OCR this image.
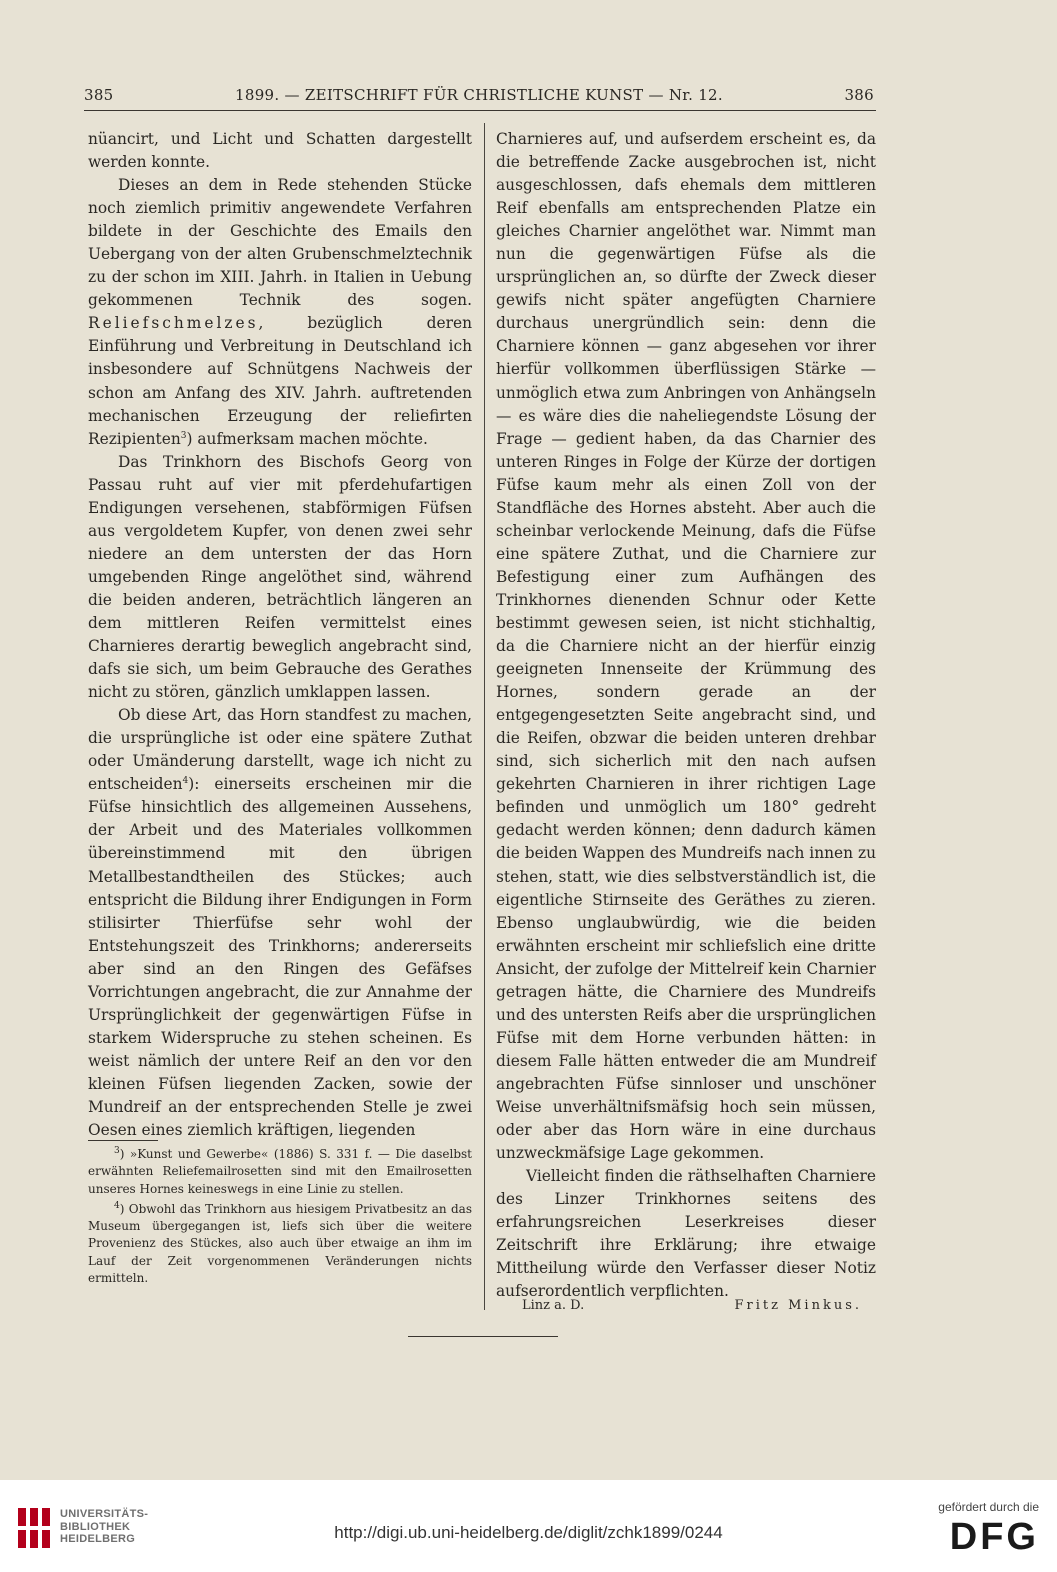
385	1899. — ZEITSCHRIFT FÜR CHRISTLICHE KUNST — Nr. 12.	386

nüancirt, und Licht und Schatten dargestellt werden konnte.

Dieses an dem in Rede stehenden Stücke noch ziemlich primitiv angewendete Verfahren bildete in der Geschichte des Emails den Uebergang von der alten Grubenschmelztechnik zu der schon im XIII. Jahrh. in Italien in Uebung gekommenen Technik des sogen. Reliefschmelzes, bezüglich deren Einführung und Verbreitung in Deutschland ich insbesondere auf Schnütgens Nachweis der schon am Anfang des XIV. Jahrh. auftretenden mechanischen Erzeugung der reliefirten Rezipienten$^3$) aufmerksam machen möchte.

Das Trinkhorn des Bischofs Georg von Passau ruht auf vier mit pferdehufartigen Endigungen versehenen, stabförmigen Füfsen aus vergoldetem Kupfer, von denen zwei sehr niedere an dem untersten der das Horn umgebenden Ringe angelöthet sind, während die beiden anderen, beträchtlich längeren an dem mittleren Reifen vermittelst eines Charnieres derartig beweglich angebracht sind, dafs sie sich, um beim Gebrauche des Gerathes nicht zu stören, gänzlich umklappen lassen.

Ob diese Art, das Horn standfest zu machen, die ursprüngliche ist oder eine spätere Zuthat oder Umänderung darstellt, wage ich nicht zu entscheiden$^4$): einerseits erscheinen mir die Füfse hinsichtlich des allgemeinen Aussehens, der Arbeit und des Materiales vollkommen übereinstimmend mit den übrigen Metallbestandtheilen des Stückes; auch entspricht die Bildung ihrer Endigungen in Form stilisirter Thierfüfse sehr wohl der Entstehungszeit des Trinkhorns; andererseits aber sind an den Ringen des Gefäfses Vorrichtungen angebracht, die zur Annahme der Ursprünglichkeit der gegenwärtigen Füfse in starkem Widerspruche zu stehen scheinen. Es weist nämlich der untere Reif an den vor den kleinen Füfsen liegenden Zacken, sowie der Mundreif an der entsprechenden Stelle je zwei Oesen eines ziemlich kräftigen, liegenden

$^3$) »Kunst und Gewerbe« (1886) S. 331 f. — Die daselbst erwähnten Reliefemailrosetten sind mit den Emailrosetten unseres Hornes keineswegs in eine Linie zu stellen.

$^4$) Obwohl das Trinkhorn aus hiesigem Privatbesitz an das Museum übergegangen ist, liefs sich über die weitere Provenienz des Stückes, also auch über etwaige an ihm im Lauf der Zeit vorgenommenen Veränderungen nichts ermitteln.

Charnieres auf, und aufserdem erscheint es, da die betreffende Zacke ausgebrochen ist, nicht ausgeschlossen, dafs ehemals dem mittleren Reif ebenfalls am entsprechenden Platze ein gleiches Charnier angelöthet war. Nimmt man nun die gegenwärtigen Füfse als die ursprünglichen an, so dürfte der Zweck dieser gewifs nicht später angefügten Charniere durchaus unergründlich sein: denn die Charniere können — ganz abgesehen vor ihrer hierfür vollkommen überflüssigen Stärke — unmöglich etwa zum Anbringen von Anhängseln — es wäre dies die naheliegendste Lösung der Frage — gedient haben, da das Charnier des unteren Ringes in Folge der Kürze der dortigen Füfse kaum mehr als einen Zoll von der Standfläche des Hornes absteht. Aber auch die scheinbar verlockende Meinung, dafs die Füfse eine spätere Zuthat, und die Charniere zur Befestigung einer zum Aufhängen des Trinkhornes dienenden Schnur oder Kette bestimmt gewesen seien, ist nicht stichhaltig, da die Charniere nicht an der hierfür einzig geeigneten Innenseite der Krümmung des Hornes, sondern gerade an der entgegengesetzten Seite angebracht sind, und die Reifen, obzwar die beiden unteren drehbar sind, sich sicherlich mit den nach aufsen gekehrten Charnieren in ihrer richtigen Lage befinden und unmöglich um 180° gedreht gedacht werden können; denn dadurch kämen die beiden Wappen des Mundreifs nach innen zu stehen, statt, wie dies selbstverständlich ist, die eigentliche Stirnseite des Geräthes zu zieren. Ebenso unglaubwürdig, wie die beiden erwähnten erscheint mir schliefslich eine dritte Ansicht, der zufolge der Mittelreif kein Charnier getragen hätte, die Charniere des Mundreifs und des untersten Reifs aber die ursprünglichen Füfse mit dem Horne verbunden hätten: in diesem Falle hätten entweder die am Mundreif angebrachten Füfse sinnloser und unschöner Weise unverhältnifsmäfsig hoch sein müssen, oder aber das Horn wäre in eine durchaus unzweckmäfsige Lage gekommen.

Vielleicht finden die räthselhaften Charniere des Linzer Trinkhornes seitens des erfahrungsreichen Leserkreises dieser Zeitschrift ihre Erklärung; ihre etwaige Mittheilung würde den Verfasser dieser Notiz aufserordentlich verpflichten.

Linz a. D.	Fritz Minkus.
UNIVERSITÄTS-
BIBLIOTHEK
HEIDELBERG	http://digi.ub.uni-heidelberg.de/diglit/zchk1899/0244
gefördert durch die
DFG
